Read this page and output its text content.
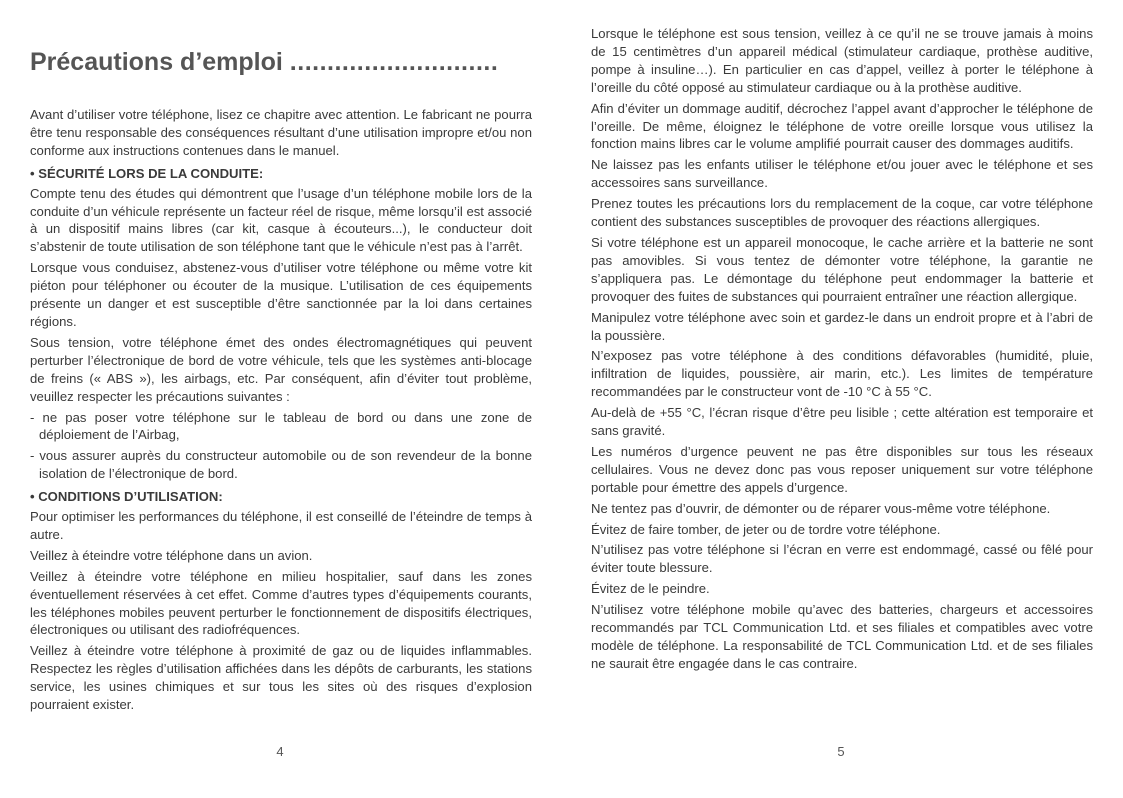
Précautions d’emploi ............................

Avant d’utiliser votre téléphone, lisez ce chapitre avec attention. Le fabricant ne pourra être tenu responsable des conséquences résultant d’une utilisation impropre et/ou non conforme aux instructions contenues dans le manuel.

• SÉCURITÉ LORS DE LA CONDUITE:

Compte tenu des études qui démontrent que l’usage d’un téléphone mobile lors de la conduite d’un véhicule représente un facteur réel de risque, même lorsqu’il est associé à un dispositif mains libres (car kit, casque à écouteurs...), le conducteur doit s’abstenir de toute utilisation de son téléphone tant que le véhicule n’est pas à l’arrêt.

Lorsque vous conduisez, abstenez-vous d’utiliser votre téléphone ou même votre kit piéton pour téléphoner ou écouter de la musique. L’utilisation de ces équipements présente un danger et est susceptible d’être sanctionnée par la loi dans certaines régions.

Sous tension, votre téléphone émet des ondes électromagnétiques qui peuvent perturber l’électronique de bord de votre véhicule, tels que les systèmes anti-blocage de freins (« ABS »), les airbags, etc. Par conséquent, afin d’éviter tout problème, veuillez respecter les précautions suivantes :

- ne pas poser votre téléphone sur le tableau de bord ou dans une zone de déploiement de l’Airbag,

- vous assurer auprès du constructeur automobile ou de son revendeur de la bonne isolation de l’électronique de bord.

• CONDITIONS D’UTILISATION:

Pour optimiser les performances du téléphone, il est conseillé de l’éteindre de temps à autre.

Veillez à éteindre votre téléphone dans un avion.

Veillez à éteindre votre téléphone en milieu hospitalier, sauf dans les zones éventuellement réservées à cet effet. Comme d’autres types d’équipements courants, les téléphones mobiles peuvent perturber le fonctionnement de dispositifs électriques, électroniques ou utilisant des radiofréquences.

Veillez à éteindre votre téléphone à proximité de gaz ou de liquides inflammables. Respectez les règles d’utilisation affichées dans les dépôts de carburants, les stations service, les usines chimiques et sur tous les sites où des risques d’explosion pourraient exister.

4

Lorsque le téléphone est sous tension, veillez à ce qu’il ne se trouve jamais à moins de 15 centimètres d’un appareil médical (stimulateur cardiaque, prothèse auditive, pompe à insuline…). En particulier en cas d’appel, veillez à porter le téléphone à l’oreille du côté opposé au stimulateur cardiaque ou à la prothèse auditive.

Afin d’éviter un dommage auditif, décrochez l’appel avant d’approcher le téléphone de l’oreille. De même, éloignez le téléphone de votre oreille lorsque vous utilisez la fonction mains libres car le volume amplifié pourrait causer des dommages auditifs.

Ne laissez pas les enfants utiliser le téléphone et/ou jouer avec le téléphone et ses accessoires sans surveillance.

Prenez toutes les précautions lors du remplacement de la coque, car votre téléphone contient des substances susceptibles de provoquer des réactions allergiques.

Si votre téléphone est un appareil monocoque, le cache arrière et la batterie ne sont pas amovibles. Si vous tentez de démonter votre téléphone, la garantie ne s’appliquera pas. Le démontage du téléphone peut endommager la batterie et provoquer des fuites de substances qui pourraient entraîner une réaction allergique.

Manipulez votre téléphone avec soin et gardez-le dans un endroit propre et à l’abri de la poussière.

N’exposez pas votre téléphone à des conditions défavorables (humidité, pluie, infiltration de liquides, poussière, air marin, etc.). Les limites de température recommandées par le constructeur vont de -10 °C à 55 °C.

Au-delà de +55 °C, l’écran risque d’être peu lisible ; cette altération est temporaire et sans gravité.

Les numéros d’urgence peuvent ne pas être disponibles sur tous les réseaux cellulaires. Vous ne devez donc pas vous reposer uniquement sur votre téléphone portable pour émettre des appels d’urgence.

Ne tentez pas d’ouvrir, de démonter ou de réparer vous-même votre téléphone.

Évitez de faire tomber, de jeter ou de tordre votre téléphone.

N’utilisez pas votre téléphone si l’écran en verre est endommagé, cassé ou fêlé pour éviter toute blessure.

Évitez de le peindre.

N’utilisez votre téléphone mobile qu’avec des batteries, chargeurs et accessoires recommandés par TCL Communication Ltd. et ses filiales et compatibles avec votre modèle de téléphone. La responsabilité de TCL Communication Ltd. et de ses filiales ne saurait être engagée dans le cas contraire.

5
